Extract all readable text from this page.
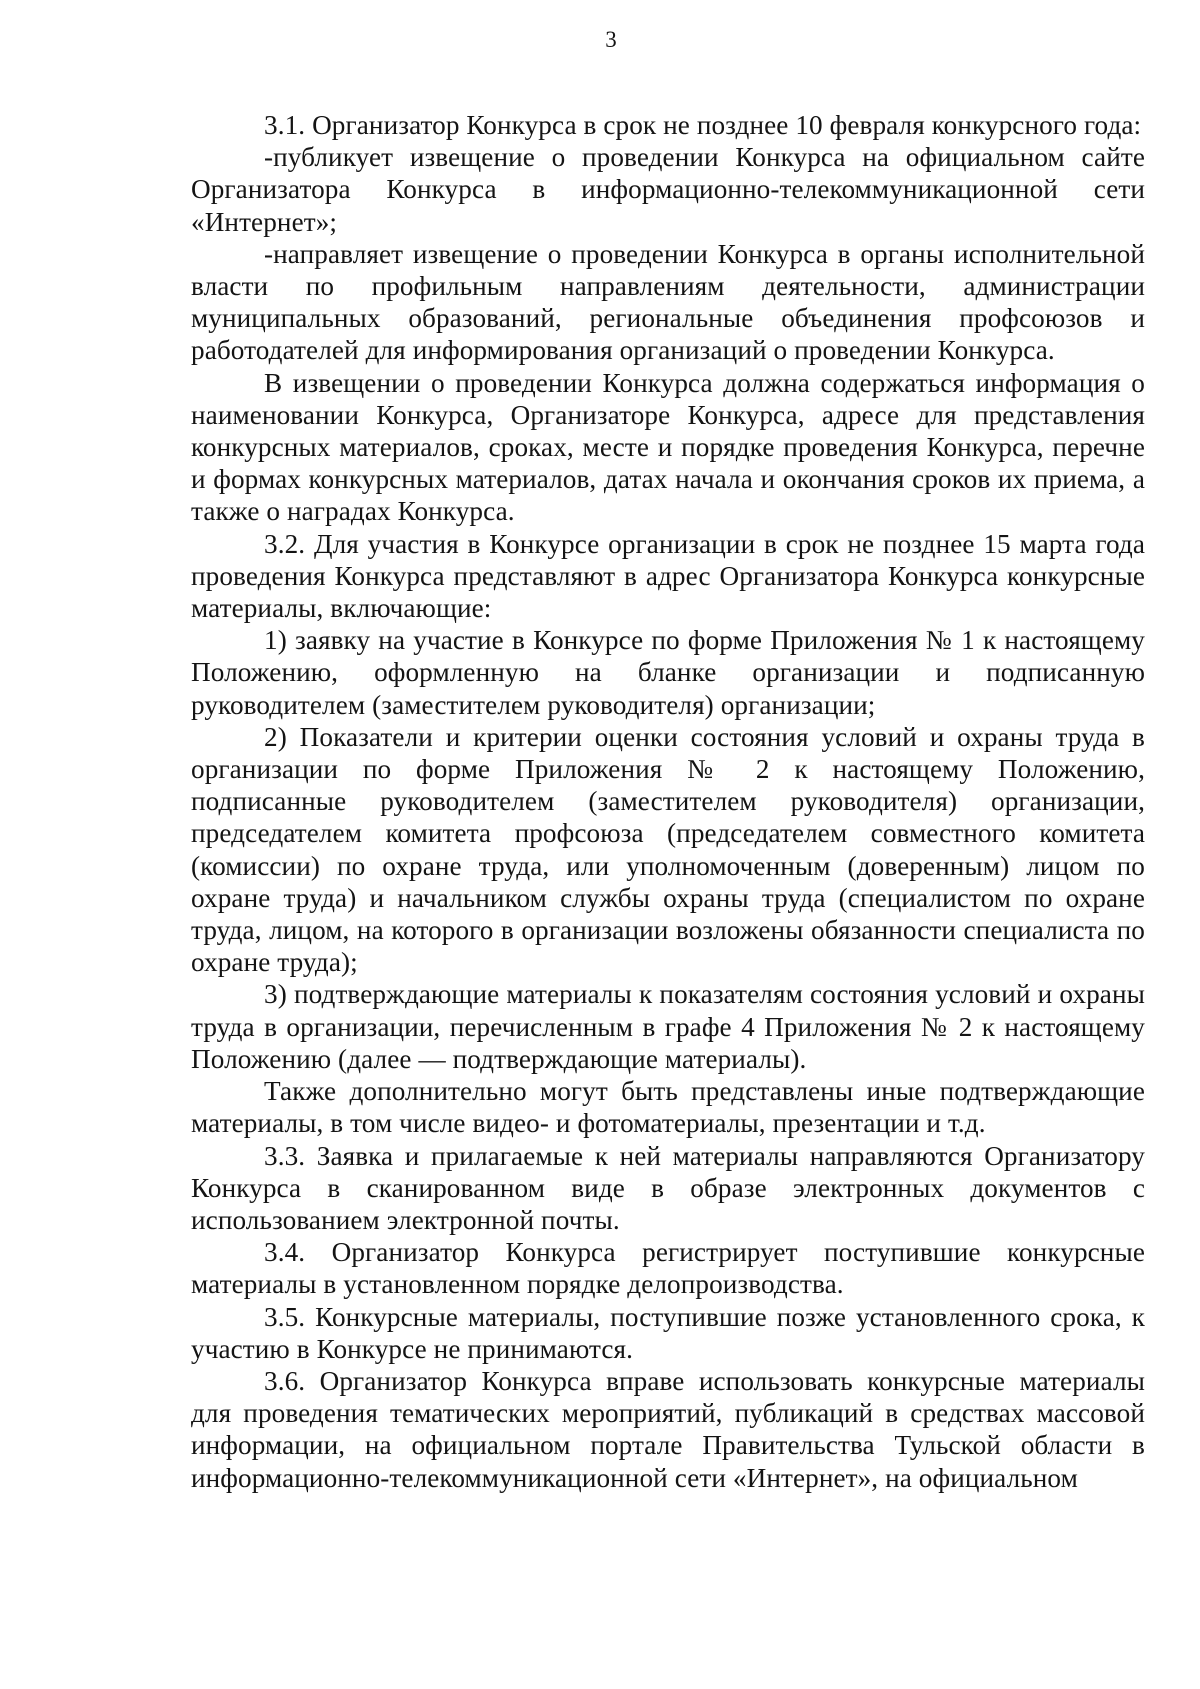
3

3.1. Организатор Конкурса в срок не позднее 10 февраля конкурсного года:

-публикует извещение о проведении Конкурса на официальном сайте Организатора Конкурса в информационно-телекоммуникационной сети «Интернет»;

-направляет извещение о проведении Конкурса в органы исполнительной власти по профильным направлениям деятельности, администрации муниципальных образований, региональные объединения профсоюзов и работодателей для информирования организаций о проведении Конкурса.

В извещении о проведении Конкурса должна содержаться информация о наименовании Конкурса, Организаторе Конкурса, адресе для представления конкурсных материалов, сроках, месте и порядке проведения Конкурса, перечне и формах конкурсных материалов, датах начала и окончания сроков их приема, а также о наградах Конкурса.

3.2. Для участия в Конкурсе организации в срок не позднее 15 марта года проведения Конкурса представляют в адрес Организатора Конкурса конкурсные материалы, включающие:

1) заявку на участие в Конкурсе по форме Приложения № 1 к настоящему Положению, оформленную на бланке организации и подписанную руководителем (заместителем руководителя) организации;

2) Показатели и критерии оценки состояния условий и охраны труда в организации по форме Приложения № 2 к настоящему Положению, подписанные руководителем (заместителем руководителя) организации, председателем комитета профсоюза (председателем совместного комитета (комиссии) по охране труда, или уполномоченным (доверенным) лицом по охране труда) и начальником службы охраны труда (специалистом по охране труда, лицом, на которого в организации возложены обязанности специалиста по охране труда);

3) подтверждающие материалы к показателям состояния условий и охраны труда в организации, перечисленным в графе 4 Приложения № 2 к настоящему Положению (далее — подтверждающие материалы).

Также дополнительно могут быть представлены иные подтверждающие материалы, в том числе видео- и фотоматериалы, презентации и т.д.

3.3. Заявка и прилагаемые к ней материалы направляются Организатору Конкурса в сканированном виде в образе электронных документов с использованием электронной почты.

3.4. Организатор Конкурса регистрирует поступившие конкурсные материалы в установленном порядке делопроизводства.

3.5. Конкурсные материалы, поступившие позже установленного срока, к участию в Конкурсе не принимаются.

3.6. Организатор Конкурса вправе использовать конкурсные материалы для проведения тематических мероприятий, публикаций в средствах массовой информации, на официальном портале Правительства Тульской области в информационно-телекоммуникационной сети «Интернет», на официальном
